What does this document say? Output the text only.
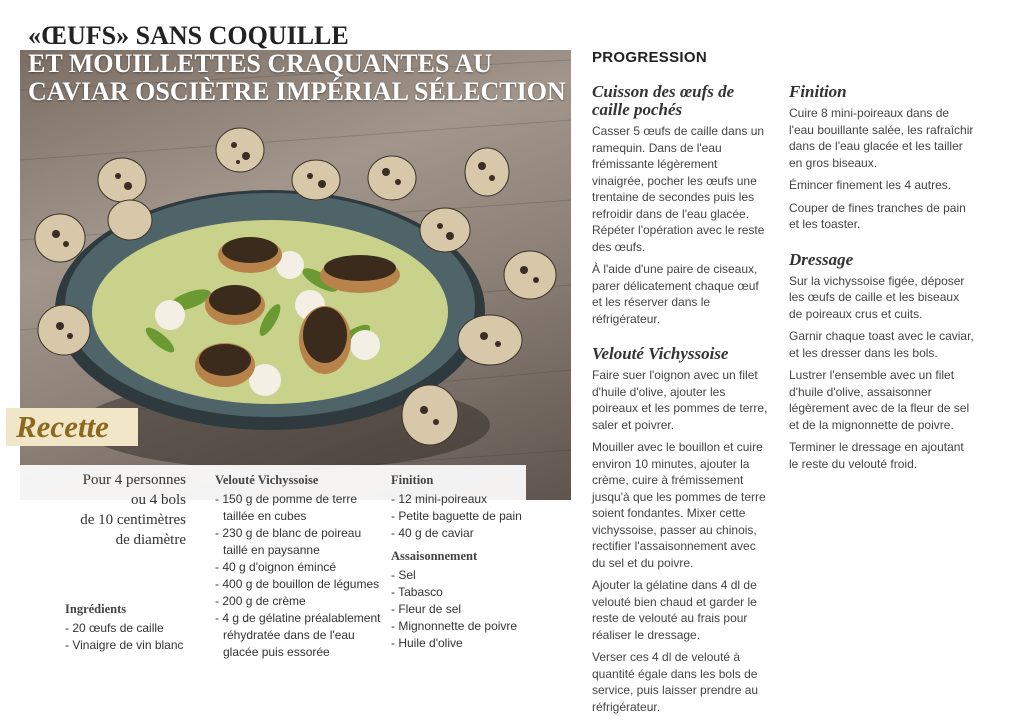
«ŒUFS» SANS COQUILLE
ET MOUILLETTES CRAQUANTES AU
CAVIAR OSCIÈTRE IMPÉRIAL SÉLECTION
Recette
Pour 4 personnes
ou 4 bols
de 10 centimètres
de diamètre
Ingrédients
- 20 œufs de caille
- Vinaigre de vin blanc
Velouté Vichyssoise
- 150 g de pomme de terre taillée en cubes
- 230 g de blanc de poireau taillé en paysanne
- 40 g d'oignon émincé
- 400 g de bouillon de légumes
- 200 g de crème
- 4 g de gélatine préalablement réhydratée dans de l'eau glacée puis essorée
Finition
- 12 mini-poireaux
- Petite baguette de pain
- 40 g de caviar
Assaisonnement
- Sel
- Tabasco
- Fleur de sel
- Mignonnette de poivre
- Huile d'olive
PROGRESSION
Cuisson des œufs de caille pochés

Casser 5 œufs de caille dans un ramequin. Dans de l'eau frémissante légèrement vinaigrée, pocher les œufs une trentaine de secondes puis les refroidir dans de l'eau glacée. Répéter l'opération avec le reste des œufs.

À l'aide d'une paire de ciseaux, parer délicatement chaque œuf et les réserver dans le réfrigérateur.

Velouté Vichyssoise

Faire suer l'oignon avec un filet d'huile d'olive, ajouter les poireaux et les pommes de terre, saler et poivrer.

Mouiller avec le bouillon et cuire environ 10 minutes, ajouter la crème, cuire à frémissement jusqu'à que les pommes de terre soient fondantes. Mixer cette vichyssoise, passer au chinois, rectifier l'assaisonnement avec du sel et du poivre.

Ajouter la gélatine dans 4 dl de velouté bien chaud et garder le reste de velouté au frais pour réaliser le dressage.

Verser ces 4 dl de velouté à quantité égale dans les bols de service, puis laisser prendre au réfrigérateur.

Finition

Cuire 8 mini-poireaux dans de l'eau bouillante salée, les rafraîchir dans de l'eau glacée et les tailler en gros biseaux.

Émincer finement les 4 autres.

Couper de fines tranches de pain et les toaster.

Dressage

Sur la vichyssoise figée, déposer les œufs de caille et les biseaux de poireaux crus et cuits.

Garnir chaque toast avec le caviar, et les dresser dans les bols.

Lustrer l'ensemble avec un filet d'huile d'olive, assaisonner légèrement avec de la fleur de sel et de la mignonnette de poivre.

Terminer le dressage en ajoutant le reste du velouté froid.
